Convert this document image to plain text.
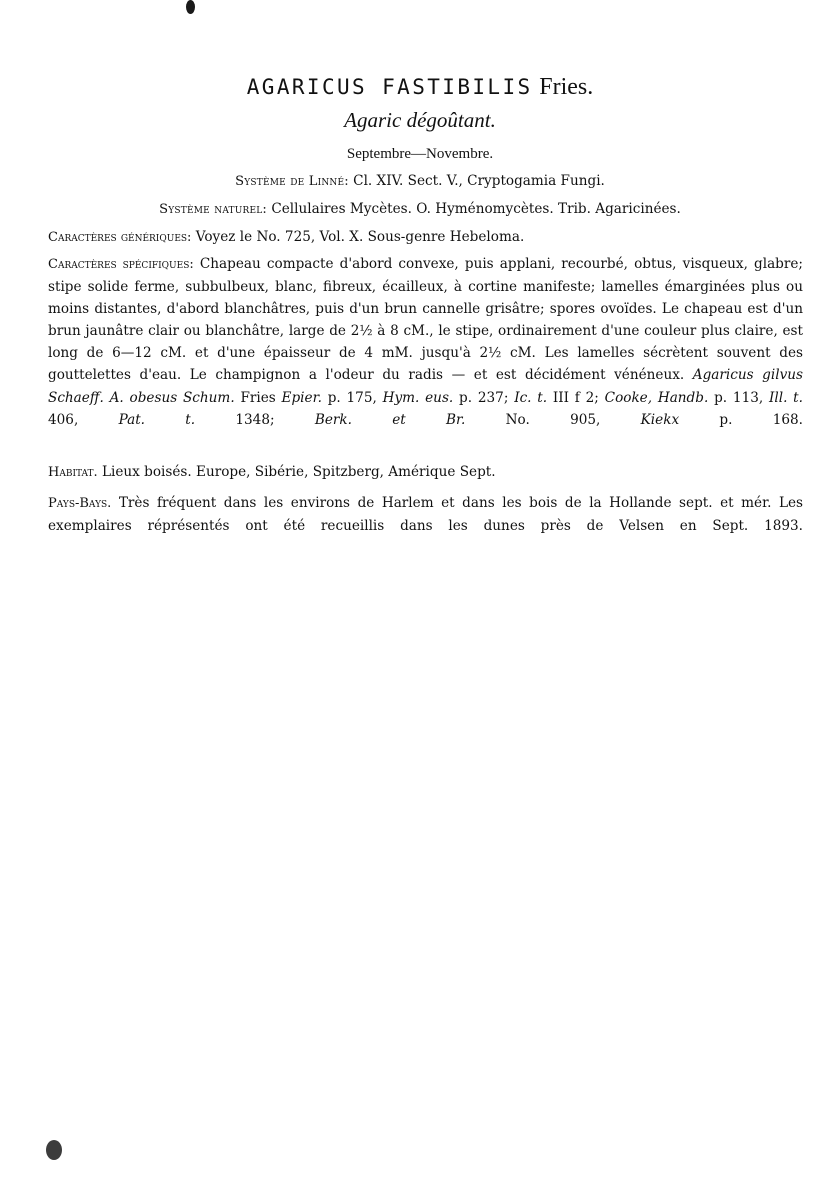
AGARICUS FASTIBILIS Fries.
Agaric dégoûtant.
Septembre—Novembre.
Système de Linné: Cl. XIV. Sect. V., Cryptogamia Fungi.
Système naturel: Cellulaires Mycètes. O. Hyménomycètes. Trib. Agaricinées.
Caractères génériques: Voyez le No. 725, Vol. X. Sous-genre Hebeloma.
Caractères spécifiques: Chapeau compacte d'abord convexe, puis applani, recourbé, obtus, visqueux, glabre; stipe solide ferme, subbulbeux, blanc, fibreux, écailleux, à cortine manifeste; lamelles émarginées plus ou moins distantes, d'abord blanchâtres, puis d'un brun cannelle grisâtre; spores ovoïdes. Le chapeau est d'un brun jaunâtre clair ou blanchâtre, large de 2½ à 8 cM., le stipe, ordinairement d'une couleur plus claire, est long de 6—12 cM. et d'une épaisseur de 4 mM. jusqu'à 2½ cM. Les lamelles sécrètent souvent des gouttelettes d'eau. Le champignon a l'odeur du radis — et est décidément vénéneux. Agaricus gilvus Schaeff. A. obesus Schum. Fries Epier. p. 175, Hym. eus. p. 237; Ic. t. III f 2; Cooke, Handb. p. 113, Ill. t. 406, Pat. t. 1348; Berk. et Br. No. 905, Kiekx p. 168.
Habitat. Lieux boisés. Europe, Sibérie, Spitzberg, Amérique Sept.
Pays-Bays. Très fréquent dans les environs de Harlem et dans les bois de la Hollande sept. et mér. Les exemplaires réprésentés ont été recueillis dans les dunes près de Velsen en Sept. 1893.
